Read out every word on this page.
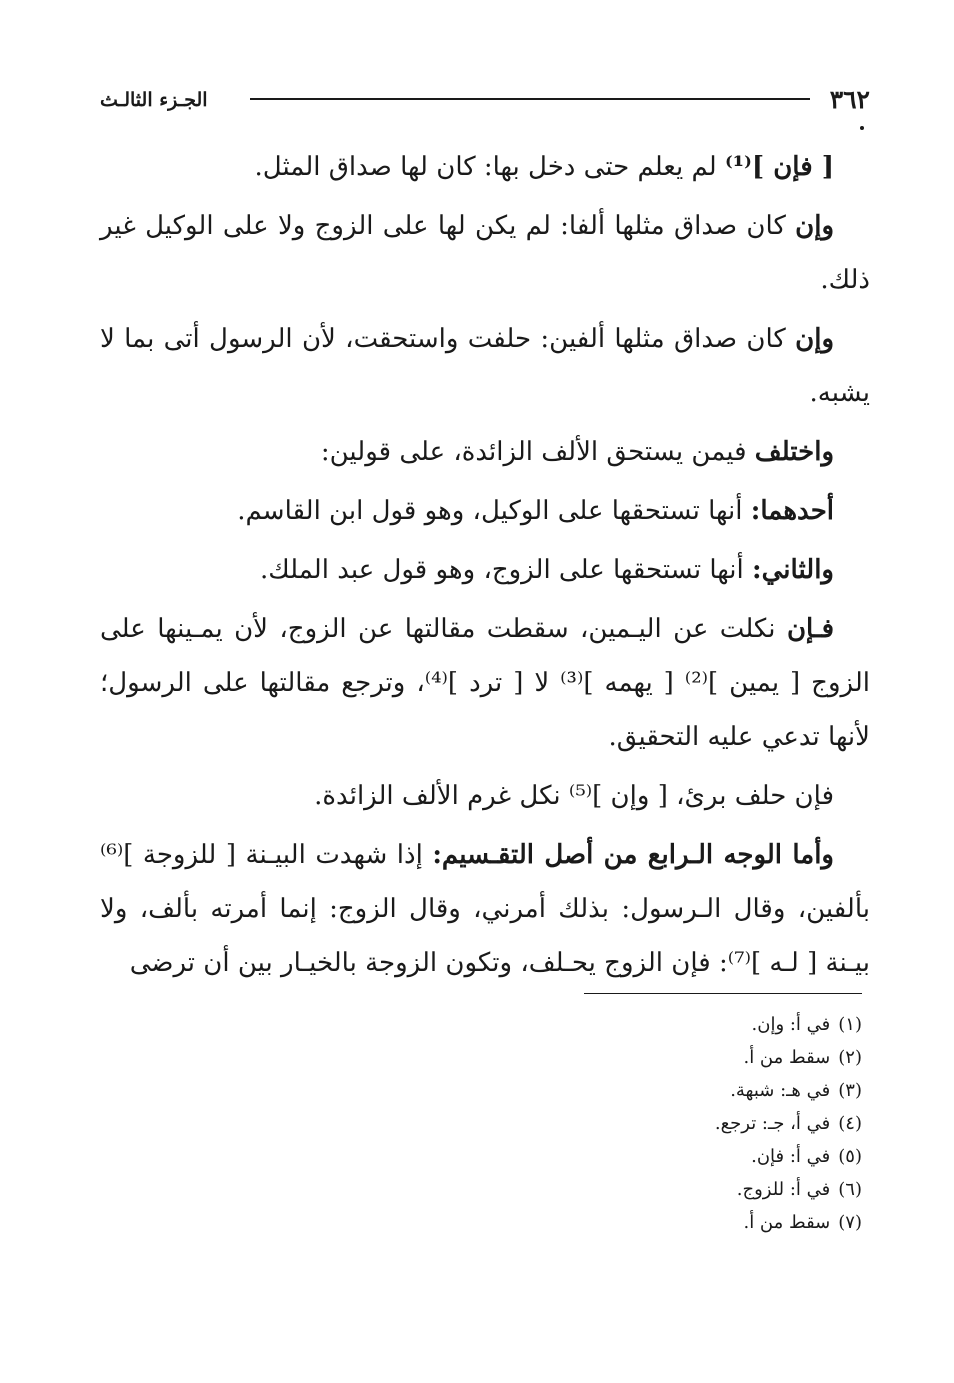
٣٦٢
الجـزء الثالـث

[ فإن ]⁽¹⁾ لم يعلم حتى دخل بها: كان لها صداق المثل.

وإن كان صداق مثلها ألفا: لم يكن لها على الزوج ولا على الوكيل غير ذلك.

وإن كان صداق مثلها ألفين: حلفت واستحقت، لأن الرسول أتى بما لا يشبه.

واختلف فيمن يستحق الألف الزائدة، على قولين:

أحدهما: أنها تستحقها على الوكيل، وهو قول ابن القاسم.

والثاني: أنها تستحقها على الزوج، وهو قول عبد الملك.

فـإن نكلت عن اليـمين، سقطت مقالتها عن الزوج، لأن يمـينها على الزوج [ يمين ]⁽²⁾ [ يهمه ]⁽³⁾ لا [ ترد ]⁽⁴⁾، وترجع مقالتها على الرسول؛ لأنها تدعي عليه التحقيق.

فإن حلف برئ، [ وإن ]⁽⁵⁾ نكل غرم الألف الزائدة.

وأما الوجه الـرابع من أصل التقـسيم: إذا شهدت البيـنة [ للزوجة ]⁽⁶⁾ بألفين، وقال الـرسول: بذلك أمرني، وقال الزوج: إنما أمرته بألف، ولا بيـنة [ لـه ]⁽⁷⁾: فإن الزوج يحـلف، وتكون الزوجة بالخيـار بين أن ترضى

(١)
في أ: وإن.
(٢)
سقط من أ.
(٣)
في هـ: شبهة.
(٤)
في أ، جـ: ترجع.
(٥)
في أ: فإن.
(٦)
في أ: للزوج.
(٧)
سقط من أ.
